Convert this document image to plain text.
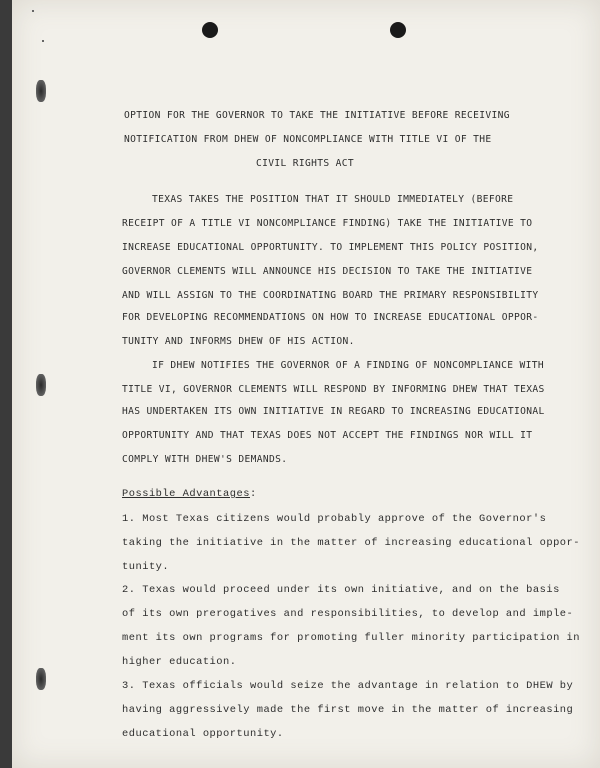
OPTION FOR THE GOVERNOR TO TAKE THE INITIATIVE BEFORE RECEIVING

NOTIFICATION FROM DHEW OF NONCOMPLIANCE WITH TITLE VI OF THE

CIVIL RIGHTS ACT

TEXAS TAKES THE POSITION THAT IT SHOULD IMMEDIATELY (BEFORE

RECEIPT OF A TITLE VI NONCOMPLIANCE FINDING) TAKE THE INITIATIVE TO

INCREASE EDUCATIONAL OPPORTUNITY. TO IMPLEMENT THIS POLICY POSITION,

GOVERNOR CLEMENTS WILL ANNOUNCE HIS DECISION TO TAKE THE INITIATIVE

AND WILL ASSIGN TO THE COORDINATING BOARD THE PRIMARY RESPONSIBILITY

FOR DEVELOPING RECOMMENDATIONS ON HOW TO INCREASE EDUCATIONAL OPPOR-

TUNITY AND INFORMS DHEW OF HIS ACTION.

IF DHEW NOTIFIES THE GOVERNOR OF A FINDING OF NONCOMPLIANCE WITH

TITLE VI, GOVERNOR CLEMENTS WILL RESPOND BY INFORMING DHEW THAT TEXAS

HAS UNDERTAKEN ITS OWN INITIATIVE IN REGARD TO INCREASING EDUCATIONAL

OPPORTUNITY AND THAT TEXAS DOES NOT ACCEPT THE FINDINGS NOR WILL IT

COMPLY WITH DHEW'S DEMANDS.

Possible Advantages:

1. Most Texas citizens would probably approve of the Governor's

taking the initiative in the matter of increasing educational oppor-

tunity.

2. Texas would proceed under its own initiative, and on the basis

of its own prerogatives and responsibilities, to develop and imple-

ment its own programs for promoting fuller minority participation in

higher education.

3. Texas officials would seize the advantage in relation to DHEW by

having aggressively made the first move in the matter of increasing

educational opportunity.
